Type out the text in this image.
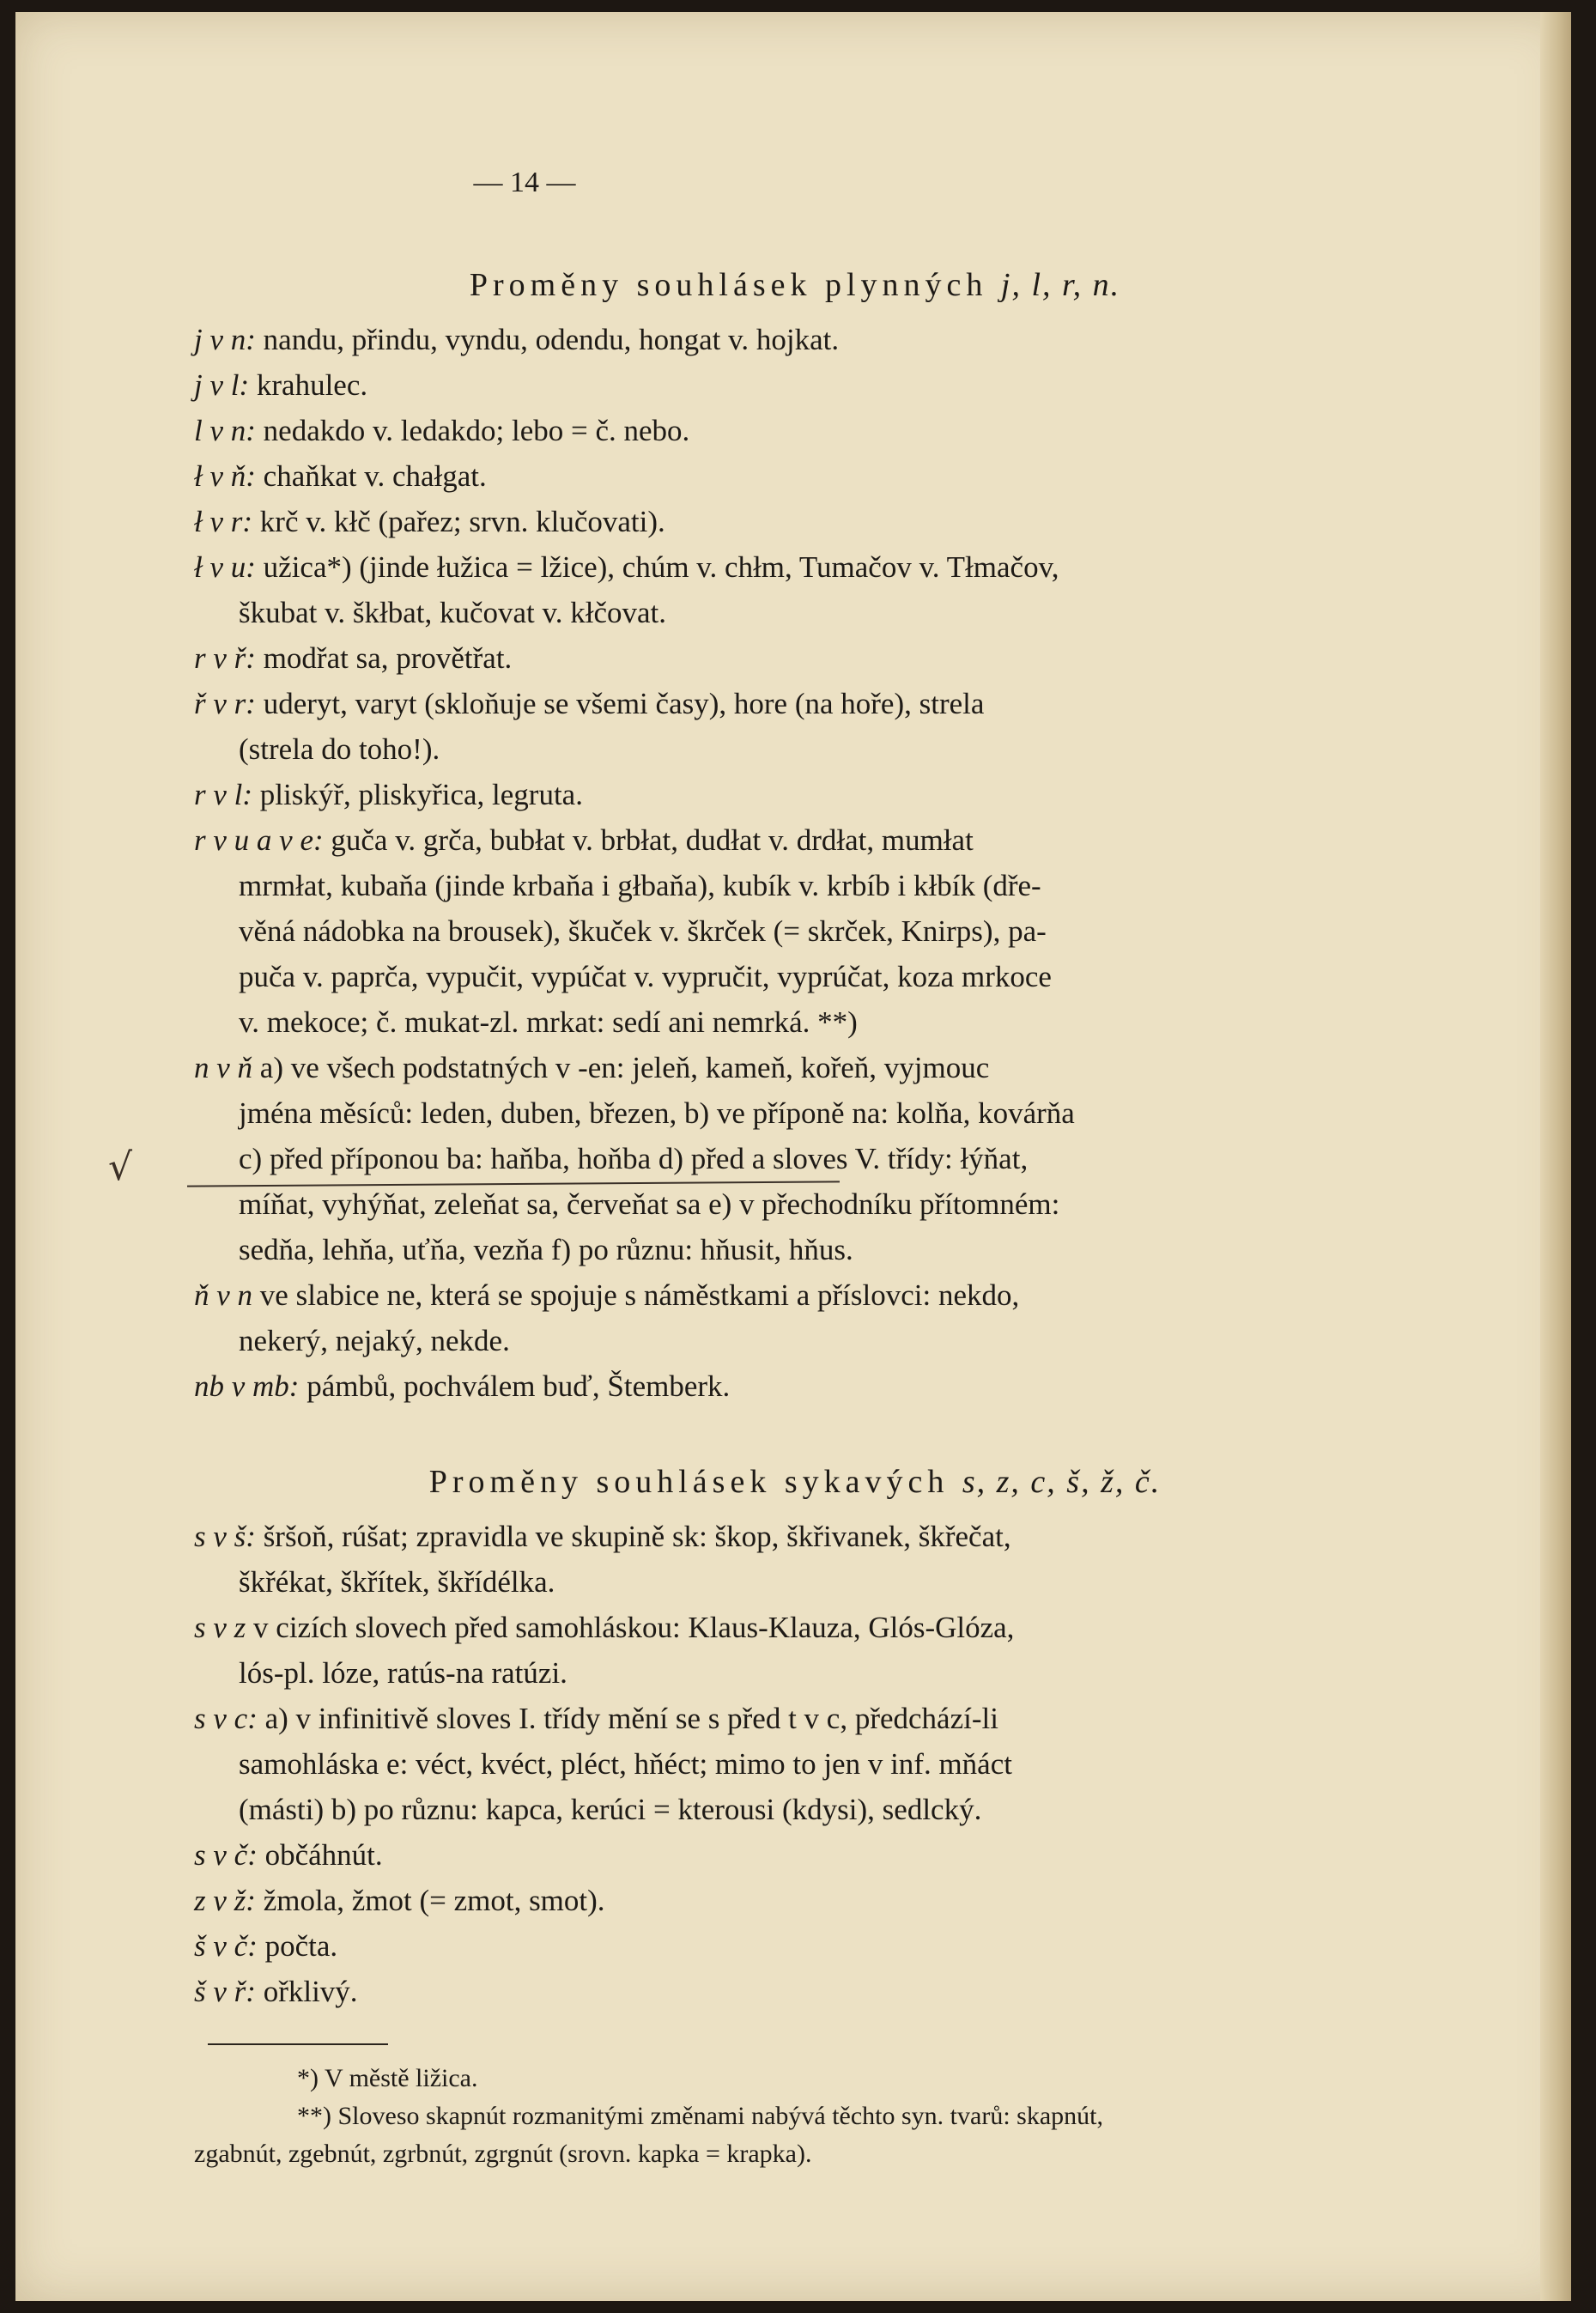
√
— 14 —
Proměny souhlásek plynných j, l, r, n.
j v n: nandu, přindu, vyndu, odendu, hongat v. hojkat.
j v l: krahulec.
l v n: nedakdo v. ledakdo; lebo = č. nebo.
ł v ň: chaňkat v. chałgat.
ł v r: krč v. kłč (pařez; srvn. klučovati).
ł v u: užica*) (jinde łužica = lžice), chúm v. chłm, Tumačov v. Tłmačov,
škubat v. škłbat, kučovat v. kłčovat.
r v ř: modřat sa, provětřat.
ř v r: uderyt, varyt (skloňuje se všemi časy), hore (na hoře), strela
(strela do toho!).
r v l: pliskýř, pliskyřica, legruta.
r v u a v e: guča v. grča, bubłat v. brbłat, dudłat v. drdłat, mumłat
mrmłat, kubaňa (jinde krbaňa i głbaňa), kubík v. krbíb i kłbík (dře-
věná nádobka na brousek), škuček v. škrček (= skrček, Knirps), pa-
puča v. paprča, vypučit, vypúčat v. vypručit, vyprúčat, koza mrkoce
v. mekoce; č. mukat-zl. mrkat: sedí ani nemrká. **)
n v ň a) ve všech podstatných v -en: jeleň, kameň, kořeň, vyjmouc
jména měsíců: leden, duben, březen, b) ve příponě na: kolňa, kovárňa
c) před příponou ba: haňba, hoňba d) před a sloves V. třídy: łýňat,
míňat, vyhýňat, zeleňat sa, červeňat sa e) v přechodníku přítomném:
sedňa, lehňa, uťňa, vezňa f) po různu: hňusit, hňus.
ň v n ve slabice ne, která se spojuje s náměstkami a příslovci: nekdo,
nekerý, nejaký, nekde.
nb v mb: pámbů, pochválem buď, Štemberk.
Proměny souhlásek sykavých s, z, c, š, ž, č.
s v š: šršoň, rúšat; zpravidla ve skupině sk: škop, škřivanek, škřečat,
škřékat, škřítek, škřídélka.
s v z v cizích slovech před samohláskou: Klaus-Klauza, Glós-Glóza,
lós-pl. lóze, ratús-na ratúzi.
s v c: a) v infinitivě sloves I. třídy mění se s před t v c, předchází-li
samohláska e: véct, kvéct, pléct, hňéct; mimo to jen v inf. mňáct
(másti) b) po různu: kapca, kerúci = kterousi (kdysi), sedlcký.
s v č: občáhnút.
z v ž: žmola, žmot (= zmot, smot).
š v č: počta.
š v ř: ořklivý.
*) V městě ližica.
**) Sloveso skapnút rozmanitými změnami nabývá těchto syn. tvarů: skapnút,
zgabnút, zgebnút, zgrbnút, zgrgnút (srovn. kapka = krapka).
